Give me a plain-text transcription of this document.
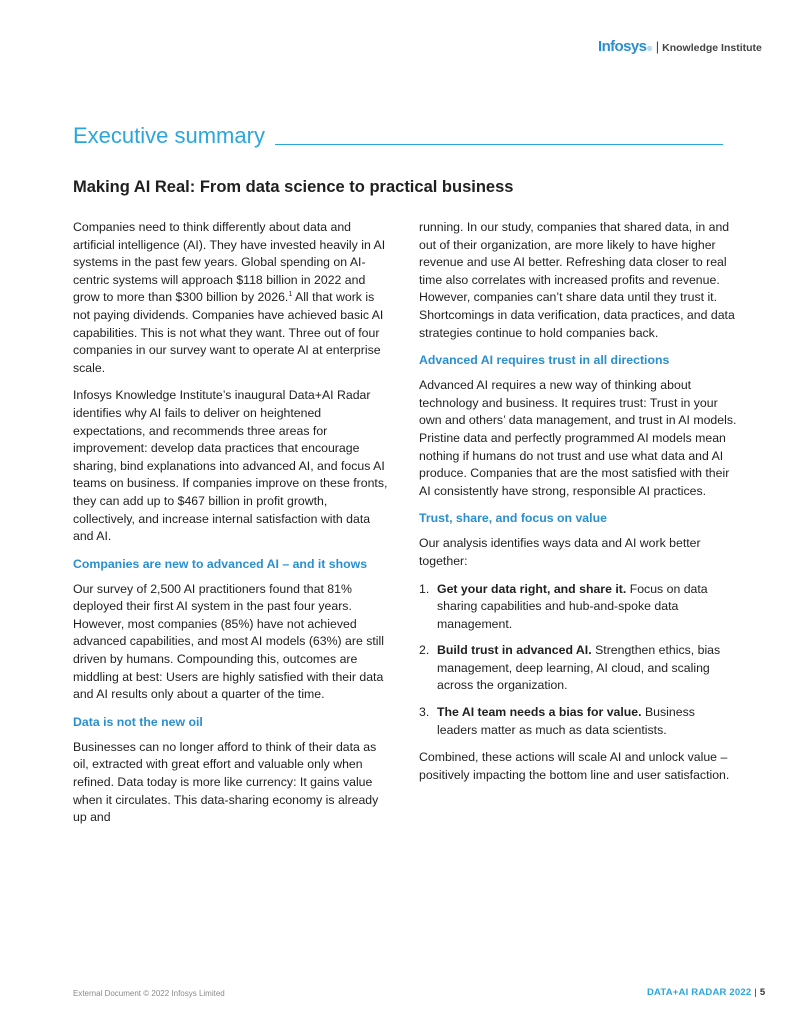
Infosys ® | Knowledge Institute
Executive summary
Making AI Real: From data science to practical business

Companies need to think differently about data and artificial intelligence (AI). They have invested heavily in AI systems in the past few years. Global spending on AI-centric systems will approach $118 billion in 2022 and grow to more than $300 billion by 2026.$^1$ All that work is not paying dividends. Companies have achieved basic AI capabilities. This is not what they want. Three out of four companies in our survey want to operate AI at enterprise scale.

Infosys Knowledge Institute’s inaugural Data+AI Radar identifies why AI fails to deliver on heightened expectations, and recommends three areas for improvement: develop data practices that encourage sharing, bind explanations into advanced AI, and focus AI teams on business. If companies improve on these fronts, they can add up to $467 billion in profit growth, collectively, and increase internal satisfaction with data and AI.

Companies are new to advanced AI – and it shows

Our survey of 2,500 AI practitioners found that 81% deployed their first AI system in the past four years. However, most companies (85%) have not achieved advanced capabilities, and most AI models (63%) are still driven by humans. Compounding this, outcomes are middling at best: Users are highly satisfied with their data and AI results only about a quarter of the time.

Data is not the new oil

Businesses can no longer afford to think of their data as oil, extracted with great effort and valuable only when refined. Data today is more like currency: It gains value when it circulates. This data-sharing economy is already up and

running. In our study, companies that shared data, in and out of their organization, are more likely to have higher revenue and use AI better. Refreshing data closer to real time also correlates with increased profits and revenue. However, companies can’t share data until they trust it. Shortcomings in data verification, data practices, and data strategies continue to hold companies back.

Advanced AI requires trust in all directions

Advanced AI requires a new way of thinking about technology and business. It requires trust: Trust in your own and others’ data management, and trust in AI models. Pristine data and perfectly programmed AI models mean nothing if humans do not trust and use what data and AI produce. Companies that are the most satisfied with their AI consistently have strong, responsible AI practices.

Trust, share, and focus on value

Our analysis identifies ways data and AI work better together:

1. Get your data right, and share it. Focus on data sharing capabilities and hub-and-spoke data management.
2. Build trust in advanced AI. Strengthen ethics, bias management, deep learning, AI cloud, and scaling across the organization.
3. The AI team needs a bias for value. Business leaders matter as much as data scientists.

Combined, these actions will scale AI and unlock value – positively impacting the bottom line and user satisfaction.

External Document © 2022 Infosys Limited	DATA+AI RADAR 2022 | 5
